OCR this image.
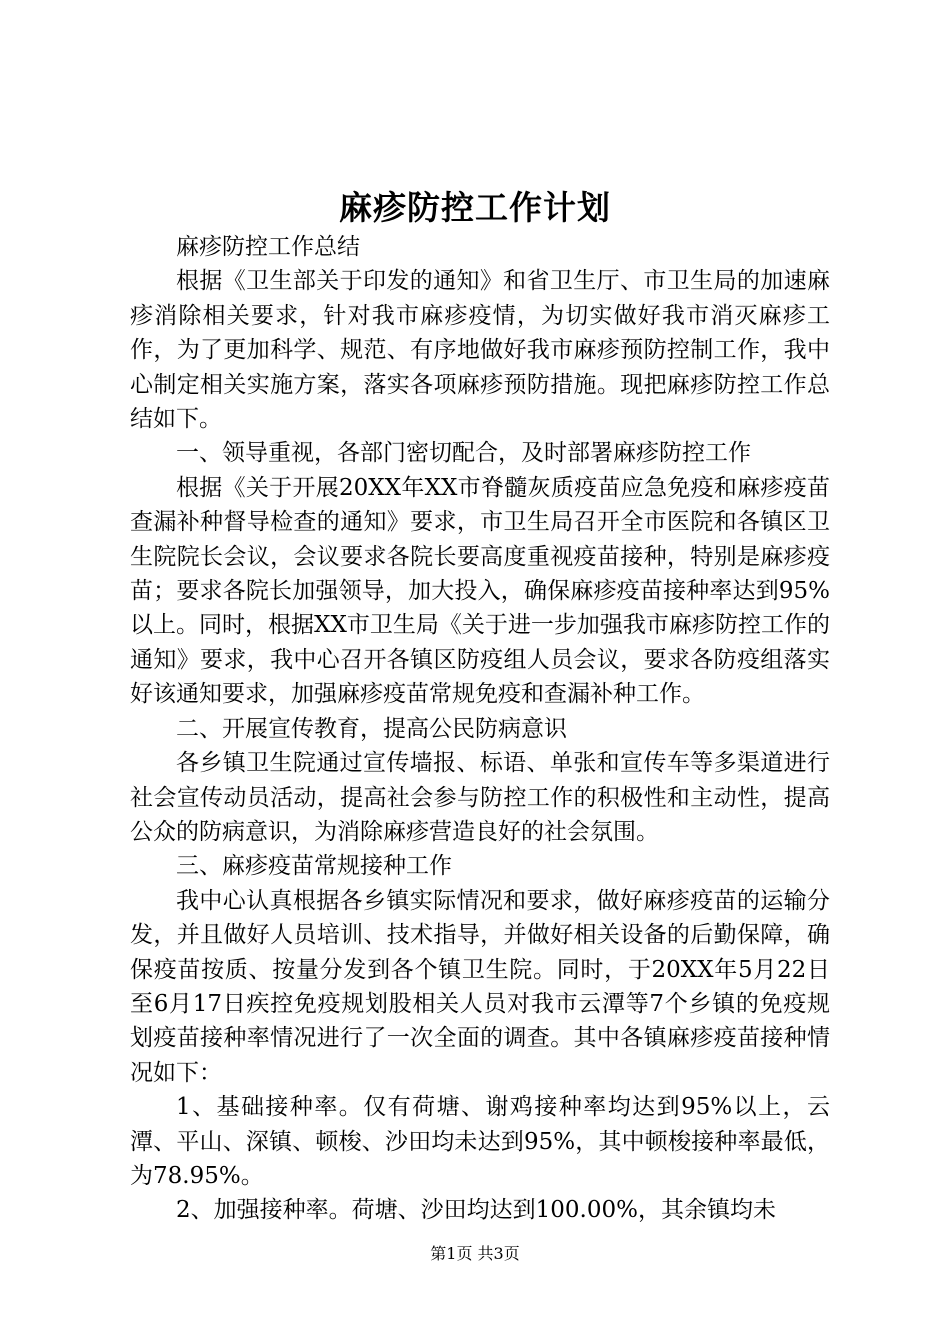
麻疹防控工作计划

麻疹防控工作总结

根据《卫生部关于印发的通知》和省卫生厅、市卫生局的加速麻疹消除相关要求，针对我市麻疹疫情，为切实做好我市消灭麻疹工作，为了更加科学、规范、有序地做好我市麻疹预防控制工作，我中心制定相关实施方案，落实各项麻疹预防措施。现把麻疹防控工作总结如下。

一、领导重视，各部门密切配合，及时部署麻疹防控工作

根据《关于开展20XX年XX市脊髓灰质疫苗应急免疫和麻疹疫苗查漏补种督导检查的通知》要求，市卫生局召开全市医院和各镇区卫生院院长会议，会议要求各院长要高度重视疫苗接种，特别是麻疹疫苗；要求各院长加强领导，加大投入，确保麻疹疫苗接种率达到95%以上。同时，根据XX市卫生局《关于进一步加强我市麻疹防控工作的通知》要求，我中心召开各镇区防疫组人员会议，要求各防疫组落实好该通知要求，加强麻疹疫苗常规免疫和查漏补种工作。

二、开展宣传教育，提高公民防病意识

各乡镇卫生院通过宣传墙报、标语、单张和宣传车等多渠道进行社会宣传动员活动，提高社会参与防控工作的积极性和主动性，提高公众的防病意识，为消除麻疹营造良好的社会氛围。

三、麻疹疫苗常规接种工作

我中心认真根据各乡镇实际情况和要求，做好麻疹疫苗的运输分发，并且做好人员培训、技术指导，并做好相关设备的后勤保障，确保疫苗按质、按量分发到各个镇卫生院。同时，于20XX年5月22日至6月17日疾控免疫规划股相关人员对我市云潭等7个乡镇的免疫规划疫苗接种率情况进行了一次全面的调查。其中各镇麻疹疫苗接种情况如下：

1、基础接种率。仅有荷塘、谢鸡接种率均达到95%以上，云潭、平山、深镇、顿梭、沙田均未达到95%，其中顿梭接种率最低，为78.95%。

2、加强接种率。荷塘、沙田均达到100.00%，其余镇均未

第1页 共3页
